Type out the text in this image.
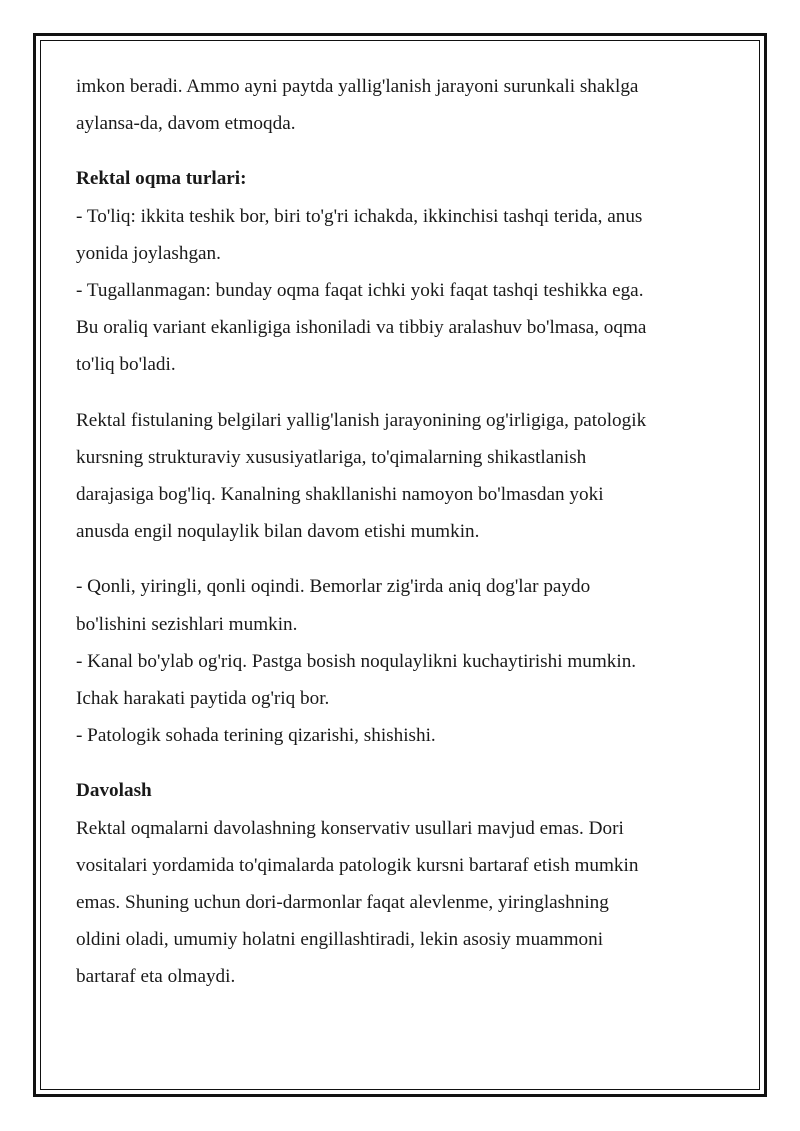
imkon beradi. Ammo ayni paytda yallig'lanish jarayoni surunkali shaklga

aylansa-da, davom etmoqda.

Rektal oqma turlari:

- To'liq: ikkita teshik bor, biri to'g'ri ichakda, ikkinchisi tashqi terida, anus

yonida joylashgan.

- Tugallanmagan: bunday oqma faqat ichki yoki faqat tashqi teshikka ega.

Bu oraliq variant ekanligiga ishoniladi va tibbiy aralashuv bo'lmasa, oqma

to'liq bo'ladi.

Rektal fistulaning belgilari yallig'lanish jarayonining og'irligiga, patologik

kursning strukturaviy xususiyatlariga, to'qimalarning shikastlanish

darajasiga bog'liq. Kanalning shakllanishi namoyon bo'lmasdan yoki

anusda engil noqulaylik bilan davom etishi mumkin.

- Qonli, yiringli, qonli oqindi. Bemorlar zig'irda aniq dog'lar paydo

bo'lishini sezishlari mumkin.

- Kanal bo'ylab og'riq. Pastga bosish noqulaylikni kuchaytirishi mumkin.

Ichak harakati paytida og'riq bor.

- Patologik sohada terining qizarishi, shishishi.

Davolash

Rektal oqmalarni davolashning konservativ usullari mavjud emas. Dori

vositalari yordamida to'qimalarda patologik kursni bartaraf etish mumkin

emas. Shuning uchun dori-darmonlar faqat alevlenme, yiringlashning

oldini oladi, umumiy holatni engillashtiradi, lekin asosiy muammoni

bartaraf eta olmaydi.
